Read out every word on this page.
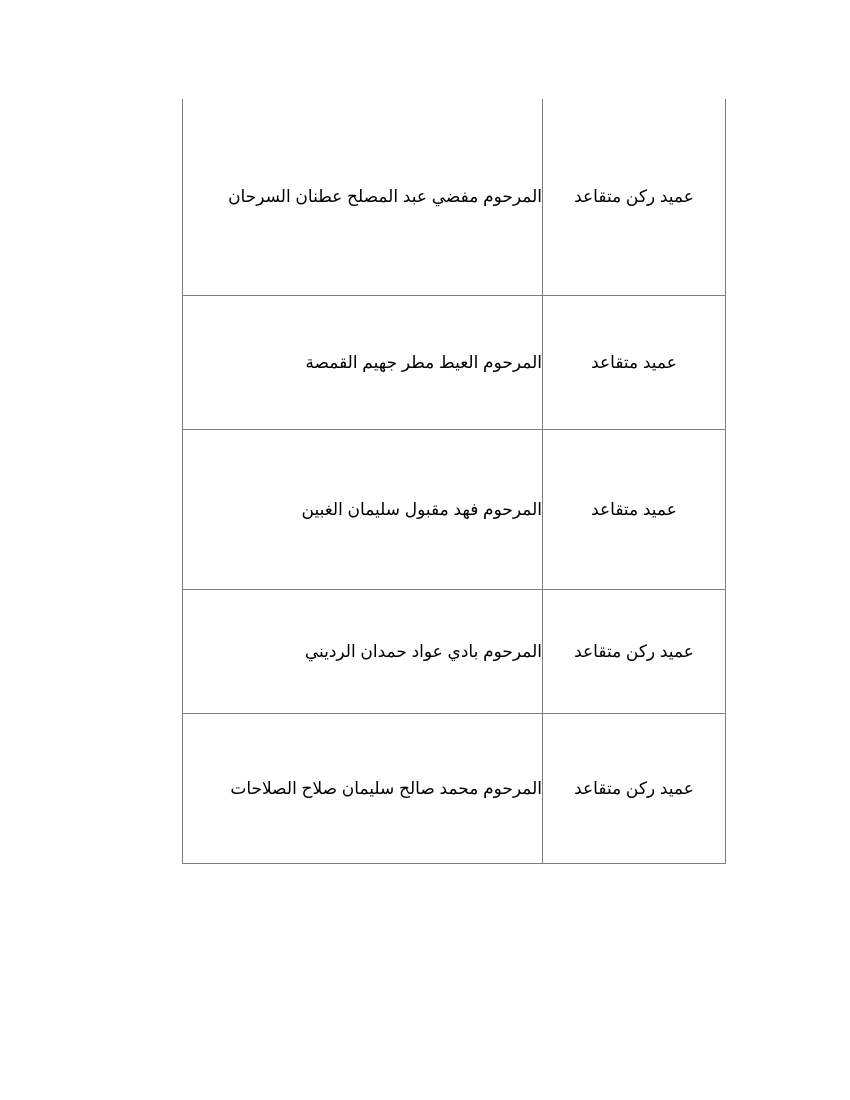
عميد ركن متقاعد	المرحوم مفضي عبد المصلح عطنان السرحان
عميد متقاعد	المرحوم العيط مطر جهيم القمصة
عميد متقاعد	المرحوم فهد مقبول سليمان الغبين
عميد ركن متقاعد	المرحوم بادي عواد حمدان الرديني
عميد ركن متقاعد	المرحوم محمد صالح سليمان صلاح الصلاحات
